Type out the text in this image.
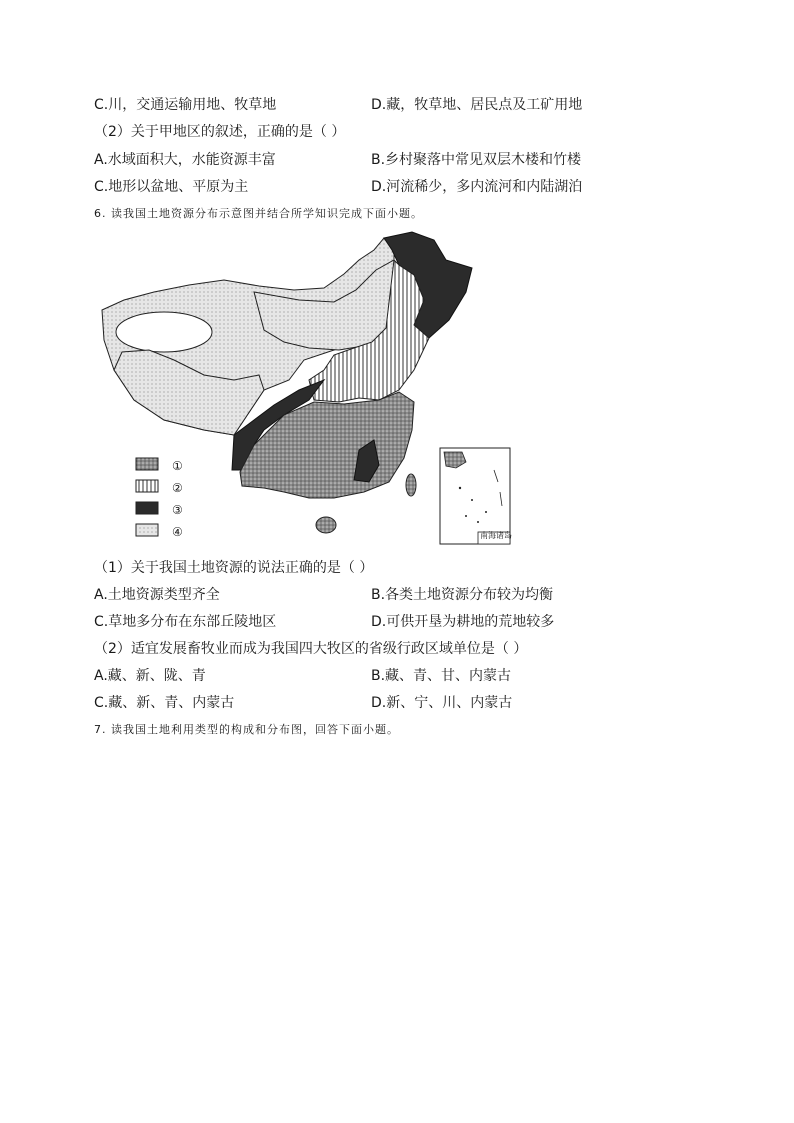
C.川，交通运输用地、牧草地	D.藏，牧草地、居民点及工矿用地
（2）关于甲地区的叙述，正确的是（ ）
A.水域面积大，水能资源丰富	B.乡村聚落中常见双层木楼和竹楼
C.地形以盆地、平原为主	D.河流稀少，多内流河和内陆湖泊
6. 读我国土地资源分布示意图并结合所学知识完成下面小题。
①
②
③
④	南海诸岛
（1）关于我国土地资源的说法正确的是（ ）
A.土地资源类型齐全	B.各类土地资源分布较为均衡
C.草地多分布在东部丘陵地区	D.可供开垦为耕地的荒地较多
（2）适宜发展畜牧业而成为我国四大牧区的省级行政区域单位是（ ）
A.藏、新、陇、青	B.藏、青、甘、内蒙古
C.藏、新、青、内蒙古	D.新、宁、川、内蒙古
7. 读我国土地利用类型的构成和分布图，回答下面小题。
